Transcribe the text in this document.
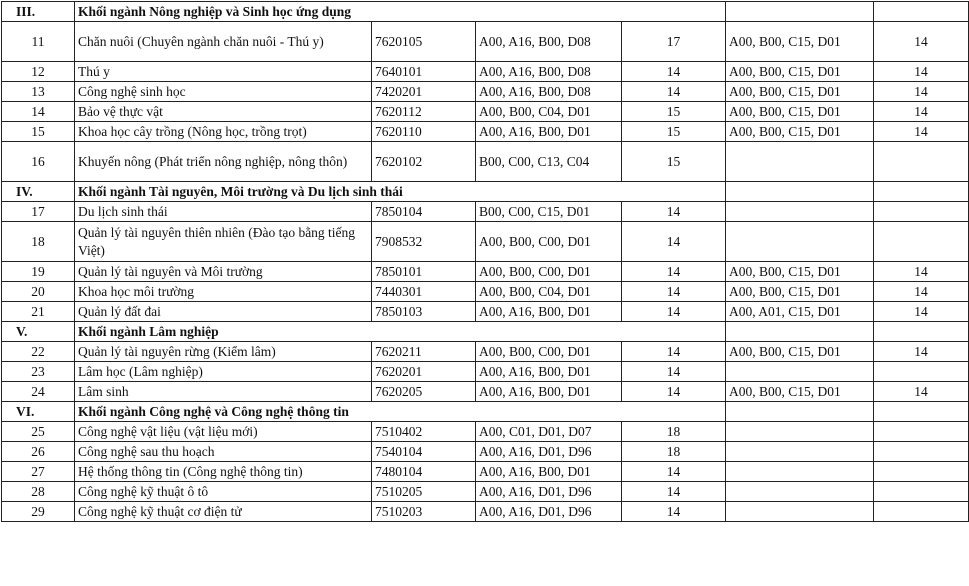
III.	Khối ngành Nông nghiệp và Sinh học ứng dụng					
11	Chăn nuôi (Chuyên ngành chăn nuôi - Thú y)	7620105	A00, A16, B00, D08	17	A00, B00, C15, D01	14
12	Thú y	7640101	A00, A16, B00, D08	14	A00, B00, C15, D01	14
13	Công nghệ sinh học	7420201	A00, A16, B00, D08	14	A00, B00, C15, D01	14
14	Bảo vệ thực vật	7620112	A00, B00, C04, D01	15	A00, B00, C15, D01	14
15	Khoa học cây trồng (Nông học, trồng trọt)	7620110	A00, A16, B00, D01	15	A00, B00, C15, D01	14
16	Khuyến nông (Phát triển nông nghiệp, nông thôn)	7620102	B00, C00, C13, C04	15		
IV.	Khối ngành Tài nguyên, Môi trường và Du lịch sinh thái					
17	Du lịch sinh thái	7850104	B00, C00, C15, D01	14		
18	Quản lý tài nguyên thiên nhiên (Đào tạo bằng tiếng Việt)	7908532	A00, B00, C00, D01	14		
19	Quản lý tài nguyên và Môi trường	7850101	A00, B00, C00, D01	14	A00, B00, C15, D01	14
20	Khoa học môi trường	7440301	A00, B00, C04, D01	14	A00, B00, C15, D01	14
21	Quản lý đất đai	7850103	A00, A16, B00, D01	14	A00, A01, C15, D01	14
V.	Khối ngành Lâm nghiệp					
22	Quản lý tài nguyên rừng (Kiểm lâm)	7620211	A00, B00, C00, D01	14	A00, B00, C15, D01	14
23	Lâm học (Lâm nghiệp)	7620201	A00, A16, B00, D01	14		
24	Lâm sinh	7620205	A00, A16, B00, D01	14	A00, B00, C15, D01	14
VI.	Khối ngành Công nghệ và Công nghệ thông tin					
25	Công nghệ vật liệu (vật liệu mới)	7510402	A00, C01, D01, D07	18		
26	Công nghệ sau thu hoạch	7540104	A00, A16, D01, D96	18		
27	Hệ thống thông tin (Công nghệ thông tin)	7480104	A00, A16, B00, D01	14		
28	Công nghệ kỹ thuật ô tô	7510205	A00, A16, D01, D96	14		
29	Công nghệ kỹ thuật cơ điện tử	7510203	A00, A16, D01, D96	14		
